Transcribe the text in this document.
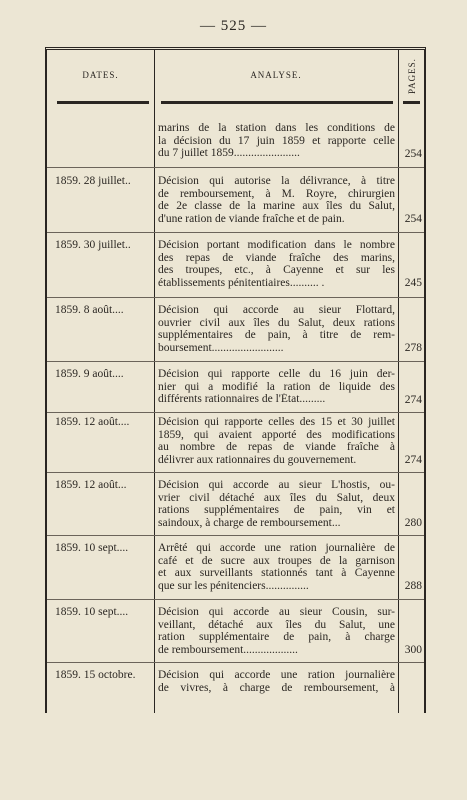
— 525 —
DATES.	ANALYSE.	PAGES.
marins de la station dans les conditions de
la décision du 17 juin 1859 et rapporte celle
du 7 juillet 1859.......................	254
1859. 28 juillet..	Décision qui autorise la délivrance, à titre
de remboursement, à M. Royre, chirurgien
de 2e classe de la marine aux îles du Salut,
d'une ration de viande fraîche et de pain.	254
1859. 30 juillet..	Décision portant modification dans le nombre
des repas de viande fraîche des marins,
des troupes, etc., à Cayenne et sur les
établissements pénitentiaires.......... .	245
1859. 8 août....	Décision qui accorde au sieur Flottard,
ouvrier civil aux îles du Salut, deux rations
supplémentaires de pain, à titre de rem-
boursement.........................	278
1859. 9 août....	Décision qui rapporte celle du 16 juin der-
nier qui a modifié la ration de liquide des
différents rationnaires de l'État.........	274
1859. 12 août....	Décision qui rapporte celles des 15 et 30 juillet
1859, qui avaient apporté des modifications
au nombre de repas de viande fraîche à
délivrer aux rationnaires du gouvernement.	274
1859. 12 août...	Décision qui accorde au sieur L'hostis, ou-
vrier civil détaché aux îles du Salut, deux
rations supplémentaires de pain, vin et
saindoux, à charge de remboursement...	280
1859. 10 sept....	Arrêté qui accorde une ration journalière de
café et de sucre aux troupes de la garnison
et aux surveillants stationnés tant à Cayenne
que sur les pénitenciers...............	288
1859. 10 sept....	Décision qui accorde au sieur Cousin, sur-
veillant, détaché aux îles du Salut, une
ration supplémentaire de pain, à charge
de remboursement...................	300
1859. 15 octobre.	Décision qui accorde une ration journalière
de vivres, à charge de remboursement, à
